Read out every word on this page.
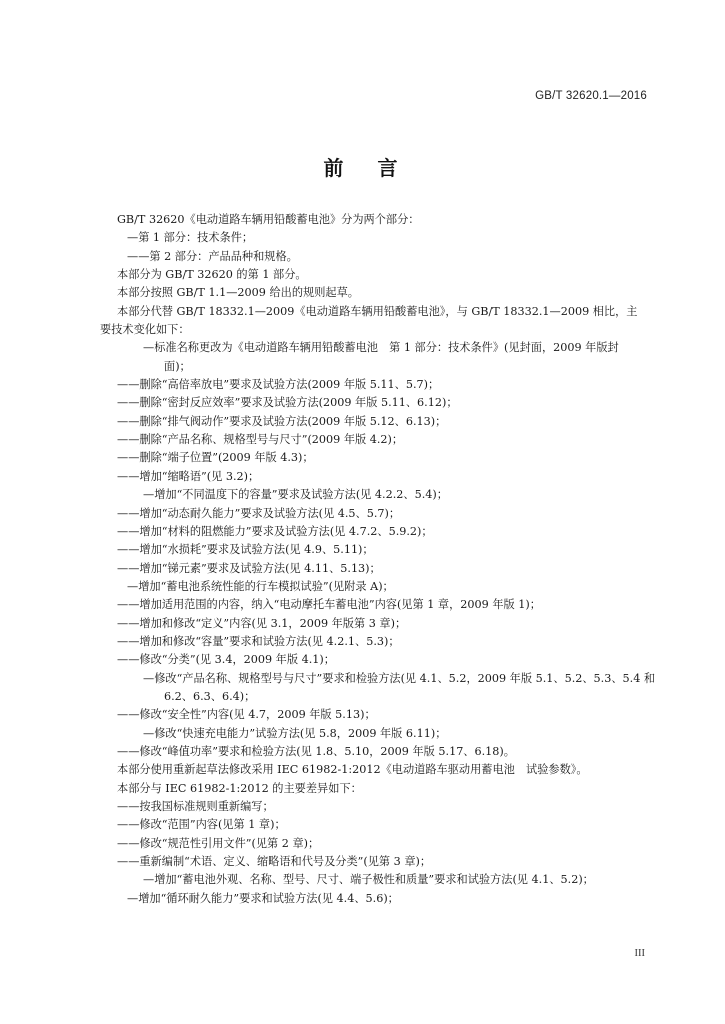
GB/T 32620.1—2016
前言
GB/T 32620《电动道路车辆用铅酸蓄电池》分为两个部分：
—第 1 部分：技术条件；
——第 2 部分：产品品种和规格。
本部分为 GB/T 32620 的第 1 部分。
本部分按照 GB/T 1.1—2009 给出的规则起草。
本部分代替 GB/T 18332.1—2009《电动道路车辆用铅酸蓄电池》，与 GB/T 18332.1—2009 相比，主
要技术变化如下：
—标准名称更改为《电动道路车辆用铅酸蓄电池　第 1 部分：技术条件》(见封面，2009 年版封
面)；
——删除“高倍率放电”要求及试验方法(2009 年版 5.11、5.7)；
——删除“密封反应效率”要求及试验方法(2009 年版 5.11、6.12)；
——删除“排气阀动作”要求及试验方法(2009 年版 5.12、6.13)；
——删除“产品名称、规格型号与尺寸”(2009 年版 4.2)；
——删除“端子位置”(2009 年版 4.3)；
——增加“缩略语”(见 3.2)；
—增加“不同温度下的容量”要求及试验方法(见 4.2.2、5.4)；
——增加“动态耐久能力”要求及试验方法(见 4.5、5.7)；
——增加“材料的阻燃能力”要求及试验方法(见 4.7.2、5.9.2)；
——增加“水损耗”要求及试验方法(见 4.9、5.11)；
——增加“锑元素”要求及试验方法(见 4.11、5.13)；
—增加“蓄电池系统性能的行车模拟试验”(见附录 A)；
——增加适用范围的内容，纳入“电动摩托车蓄电池”内容(见第 1 章，2009 年版 1)；
——增加和修改“定义”内容(见 3.1，2009 年版第 3 章)；
——增加和修改“容量”要求和试验方法(见 4.2.1、5.3)；
——修改“分类”(见 3.4，2009 年版 4.1)；
—修改“产品名称、规格型号与尺寸”要求和检验方法(见 4.1、5.2，2009 年版 5.1、5.2、5.3、5.4 和
6.2、6.3、6.4)；
——修改“安全性”内容(见 4.7，2009 年版 5.13)；
—修改“快速充电能力”试验方法(见 5.8，2009 年版 6.11)；
——修改“峰值功率”要求和检验方法(见 1.8、5.10，2009 年版 5.17、6.18)。
本部分使用重新起草法修改采用 IEC 61982-1:2012《电动道路车驱动用蓄电池　试验参数》。
本部分与 IEC 61982-1:2012 的主要差异如下：
——按我国标准规则重新编写；
——修改“范围”内容(见第 1 章)；
——修改“规范性引用文件”(见第 2 章)；
——重新编制“术语、定义、缩略语和代号及分类”(见第 3 章)；
—增加“蓄电池外观、名称、型号、尺寸、端子极性和质量”要求和试验方法(见 4.1、5.2)；
—增加“循环耐久能力”要求和试验方法(见 4.4、5.6)；
III
